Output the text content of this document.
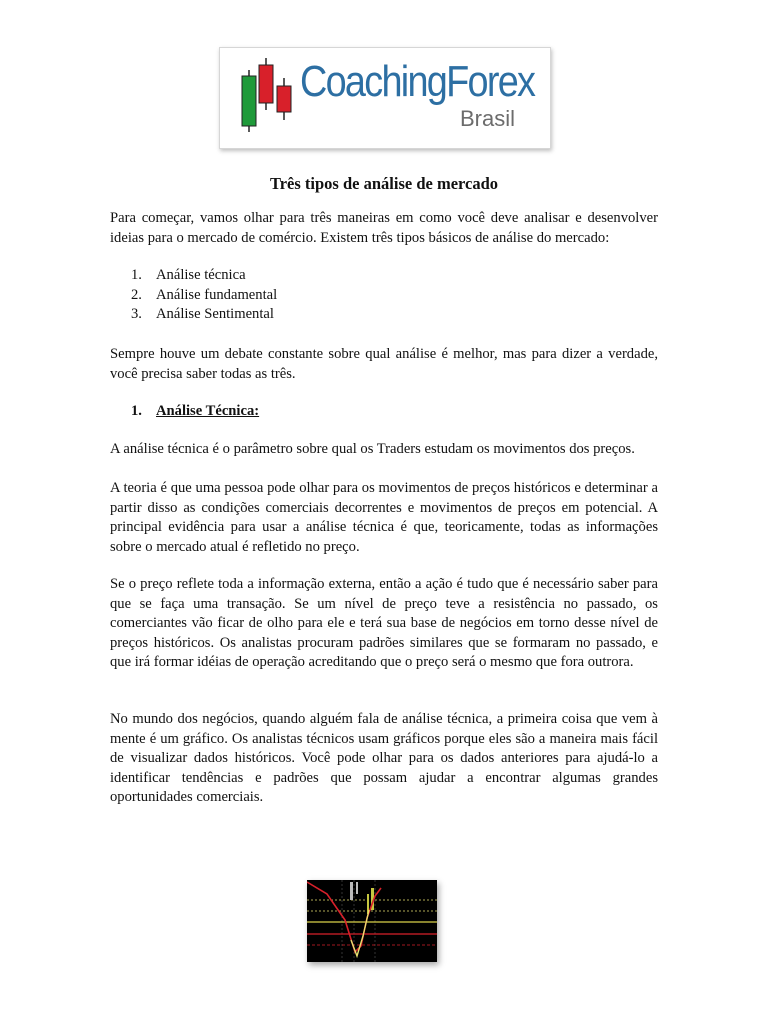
CoachingForex
Brasil
Três tipos de análise de mercado
Para começar, vamos olhar para três maneiras em como você deve analisar e desenvolver ideias para o mercado de comércio. Existem três tipos básicos de análise do mercado:
1. Análise técnica
2. Análise fundamental
3. Análise Sentimental
Sempre houve um debate constante sobre qual análise é melhor, mas para dizer a verdade, você precisa saber todas as três.
1. Análise Técnica:
A análise técnica é o parâmetro sobre qual os Traders estudam os movimentos dos preços.
A teoria é que uma pessoa pode olhar para os movimentos de preços históricos e determinar a partir disso as condições comerciais decorrentes e movimentos de preços em potencial. A principal evidência para usar a análise técnica é que, teoricamente, todas as informações sobre o mercado atual é refletido no preço.
Se o preço reflete toda a informação externa, então a ação é tudo que é necessário saber para que se faça uma transação. Se um nível de preço teve a resistência no passado, os comerciantes vão ficar de olho para ele e terá sua base de negócios em torno desse nível de preços históricos. Os analistas procuram padrões similares que se formaram no passado, e que irá formar idéias de operação acreditando que o preço será o mesmo que fora outrora.
No mundo dos negócios, quando alguém fala de análise técnica, a primeira coisa que vem à mente é um gráfico. Os analistas técnicos usam gráficos porque eles são a maneira mais fácil de visualizar dados históricos. Você pode olhar para os dados anteriores para ajudá-lo a identificar tendências e padrões que possam ajudar a encontrar algumas grandes oportunidades comerciais.
